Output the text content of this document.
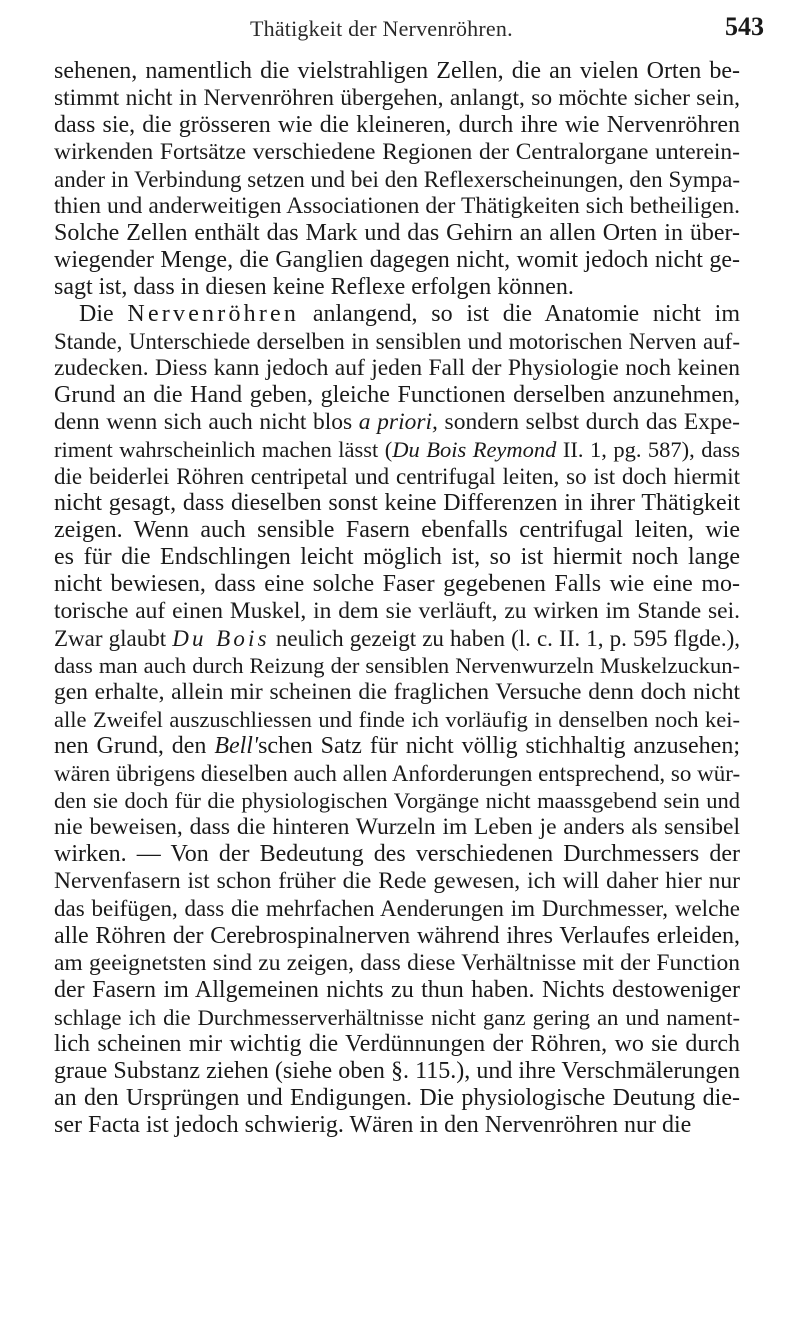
Thätigkeit der Nervenröhren.	543
sehenen, namentlich die vielstrahligen Zellen, die an vielen Orten be-
stimmt nicht in Nervenröhren übergehen, anlangt, so möchte sicher sein,
dass sie, die grösseren wie die kleineren, durch ihre wie Nervenröhren
wirkenden Fortsätze verschiedene Regionen der Centralorgane unterein-
ander in Verbindung setzen und bei den Reflexerscheinungen, den Sympa-
thien und anderweitigen Associationen der Thätigkeiten sich betheiligen.
Solche Zellen enthält das Mark und das Gehirn an allen Orten in über-
wiegender Menge, die Ganglien dagegen nicht, womit jedoch nicht ge-
sagt ist, dass in diesen keine Reflexe erfolgen können.
Die Nervenröhren anlangend, so ist die Anatomie nicht im
Stande, Unterschiede derselben in sensiblen und motorischen Nerven auf-
zudecken. Diess kann jedoch auf jeden Fall der Physiologie noch keinen
Grund an die Hand geben, gleiche Functionen derselben anzunehmen,
denn wenn sich auch nicht blos a priori, sondern selbst durch das Expe-
riment wahrscheinlich machen lässt (Du Bois Reymond II. 1, pg. 587), dass
die beiderlei Röhren centripetal und centrifugal leiten, so ist doch hiermit
nicht gesagt, dass dieselben sonst keine Differenzen in ihrer Thätigkeit
zeigen. Wenn auch sensible Fasern ebenfalls centrifugal leiten, wie
es für die Endschlingen leicht möglich ist, so ist hiermit noch lange
nicht bewiesen, dass eine solche Faser gegebenen Falls wie eine mo-
torische auf einen Muskel, in dem sie verläuft, zu wirken im Stande sei.
Zwar glaubt Du Bois neulich gezeigt zu haben (l. c. II. 1, p. 595 flgde.),
dass man auch durch Reizung der sensiblen Nervenwurzeln Muskelzuckun-
gen erhalte, allein mir scheinen die fraglichen Versuche denn doch nicht
alle Zweifel auszuschliessen und finde ich vorläufig in denselben noch kei-
nen Grund, den Bell'schen Satz für nicht völlig stichhaltig anzusehen;
wären übrigens dieselben auch allen Anforderungen entsprechend, so wür-
den sie doch für die physiologischen Vorgänge nicht maassgebend sein und
nie beweisen, dass die hinteren Wurzeln im Leben je anders als sensibel
wirken. — Von der Bedeutung des verschiedenen Durchmessers der
Nervenfasern ist schon früher die Rede gewesen, ich will daher hier nur
das beifügen, dass die mehrfachen Aenderungen im Durchmesser, welche
alle Röhren der Cerebrospinalnerven während ihres Verlaufes erleiden,
am geeignetsten sind zu zeigen, dass diese Verhältnisse mit der Function
der Fasern im Allgemeinen nichts zu thun haben. Nichts destoweniger
schlage ich die Durchmesserverhältnisse nicht ganz gering an und nament-
lich scheinen mir wichtig die Verdünnungen der Röhren, wo sie durch
graue Substanz ziehen (siehe oben §. 115.), und ihre Verschmälerungen
an den Ursprüngen und Endigungen. Die physiologische Deutung die-
ser Facta ist jedoch schwierig. Wären in den Nervenröhren nur die
